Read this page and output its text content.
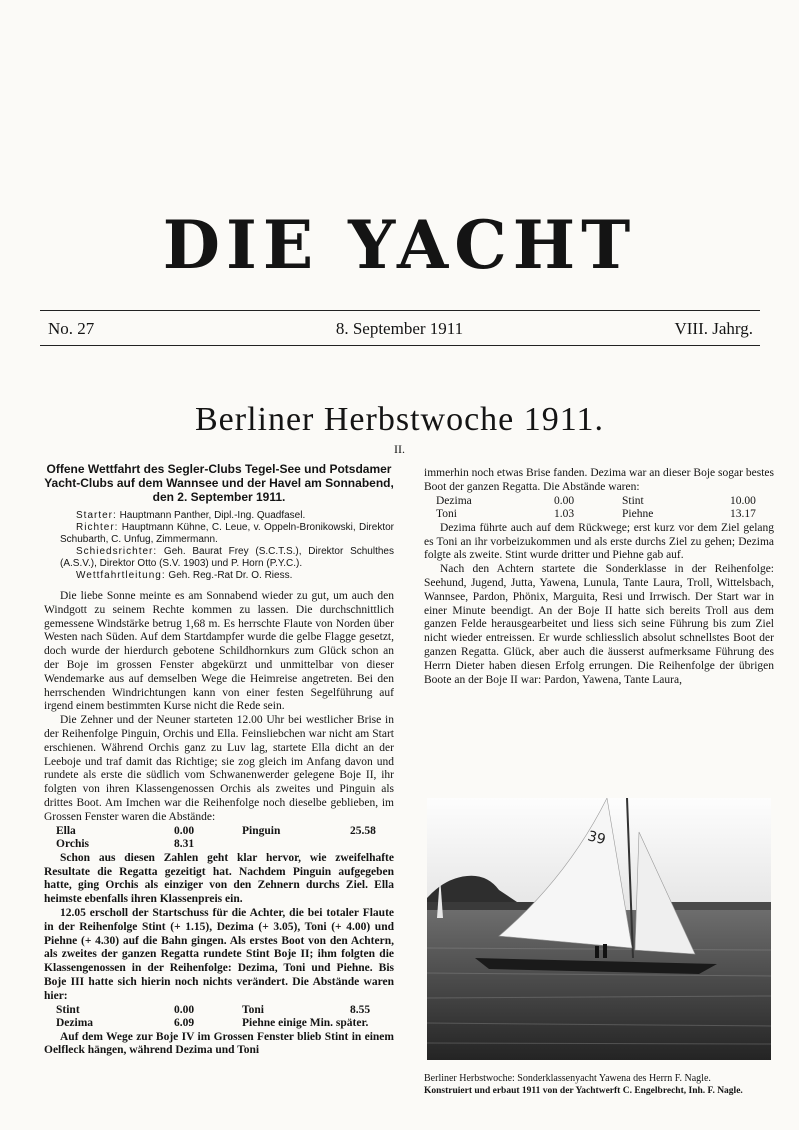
DIE YACHT
No. 27	8. September 1911	VIII. Jahrg.
Berliner Herbstwoche 1911.
II.
Offene Wettfahrt des Segler-Clubs Tegel-See und Potsdamer Yacht-Clubs auf dem Wannsee und der Havel am Sonnabend, den 2. September 1911.

Starter: Hauptmann Panther, Dipl.-Ing. Quadfasel.

Richter: Hauptmann Kühne, C. Leue, v. Oppeln-Bronikowski, Direktor Schubarth, C. Unfug, Zimmermann.

Schiedsrichter: Geh. Baurat Frey (S.C.T.S.), Direktor Schulthes (A.S.V.), Direktor Otto (S.V. 1903) und P. Horn (P.Y.C.).

Wettfahrtleitung: Geh. Reg.-Rat Dr. O. Riess.

Die liebe Sonne meinte es am Sonnabend wieder zu gut, um auch den Windgott zu seinem Rechte kommen zu lassen. Die durchschnittlich gemessene Windstärke betrug 1,68 m. Es herrschte Flaute von Norden über Westen nach Süden. Auf dem Startdampfer wurde die gelbe Flagge gesetzt, doch wurde der hierdurch gebotene Schildhornkurs zum Glück schon an der Boje im grossen Fenster abgekürzt und unmittelbar von dieser Wendemarke aus auf demselben Wege die Heimreise angetreten. Bei den herrschenden Windrichtungen kann von einer festen Segelführung auf irgend einem bestimmten Kurse nicht die Rede sein.

Die Zehner und der Neuner starteten 12.00 Uhr bei westlicher Brise in der Reihenfolge Pinguin, Orchis und Ella. Feinsliebchen war nicht am Start erschienen. Während Orchis ganz zu Luv lag, startete Ella dicht an der Leeboje und traf damit das Richtige; sie zog gleich im Anfang davon und rundete als erste die südlich vom Schwanenwerder gelegene Boje II, ihr folgten von ihren Klassengenossen Orchis als zweites und Pinguin als drittes Boot. Am Imchen war die Reihenfolge noch dieselbe geblieben, im Grossen Fenster waren die Abstände:

Ella	0.00	Pinguin	25.58
Orchis	8.31		

Schon aus diesen Zahlen geht klar hervor, wie zweifelhafte Resultate die Regatta gezeitigt hat. Nachdem Pinguin aufgegeben hatte, ging Orchis als einziger von den Zehnern durchs Ziel. Ella heimste ebenfalls ihren Klassenpreis ein.

12.05 erscholl der Startschuss für die Achter, die bei totaler Flaute in der Reihenfolge Stint (+ 1.15), Dezima (+ 3.05), Toni (+ 4.00) und Piehne (+ 4.30) auf die Bahn gingen. Als erstes Boot von den Achtern, als zweites der ganzen Regatta rundete Stint Boje II; ihm folgten die Klassengenossen in der Reihenfolge: Dezima, Toni und Piehne. Bis Boje III hatte sich hierin noch nichts verändert. Die Abstände waren hier:

Stint	0.00	Toni	8.55
Dezima	6.09	Piehne einige Min. später.	

Auf dem Wege zur Boje IV im Grossen Fenster blieb Stint in einem Oelfleck hängen, während Dezima und Toni

immerhin noch etwas Brise fanden. Dezima war an dieser Boje sogar bestes Boot der ganzen Regatta. Die Abstände waren:

Dezima	0.00	Stint	10.00
Toni	1.03	Piehne	13.17

Dezima führte auch auf dem Rückwege; erst kurz vor dem Ziel gelang es Toni an ihr vorbeizukommen und als erste durchs Ziel zu gehen; Dezima folgte als zweite. Stint wurde dritter und Piehne gab auf.

Nach den Achtern startete die Sonderklasse in der Reihenfolge: Seehund, Jugend, Jutta, Yawena, Lunula, Tante Laura, Troll, Wittelsbach, Wannsee, Pardon, Phönix, Marguita, Resi und Irrwisch. Der Start war in einer Minute beendigt. An der Boje II hatte sich bereits Troll aus dem ganzen Felde herausgearbeitet und liess sich seine Führung bis zum Ziel nicht wieder entreissen. Er wurde schliesslich absolut schnellstes Boot der ganzen Regatta. Glück, aber auch die äusserst aufmerksame Führung des Herrn Dieter haben diesen Erfolg errungen. Die Reihenfolge der übrigen Boote an der Boje II war: Pardon, Yawena, Tante Laura,

39
Berliner Herbstwoche: Sonderklassenyacht Yawena des Herrn F. Nagle.
Konstruiert und erbaut 1911 von der Yachtwerft C. Engelbrecht, Inh. F. Nagle.
